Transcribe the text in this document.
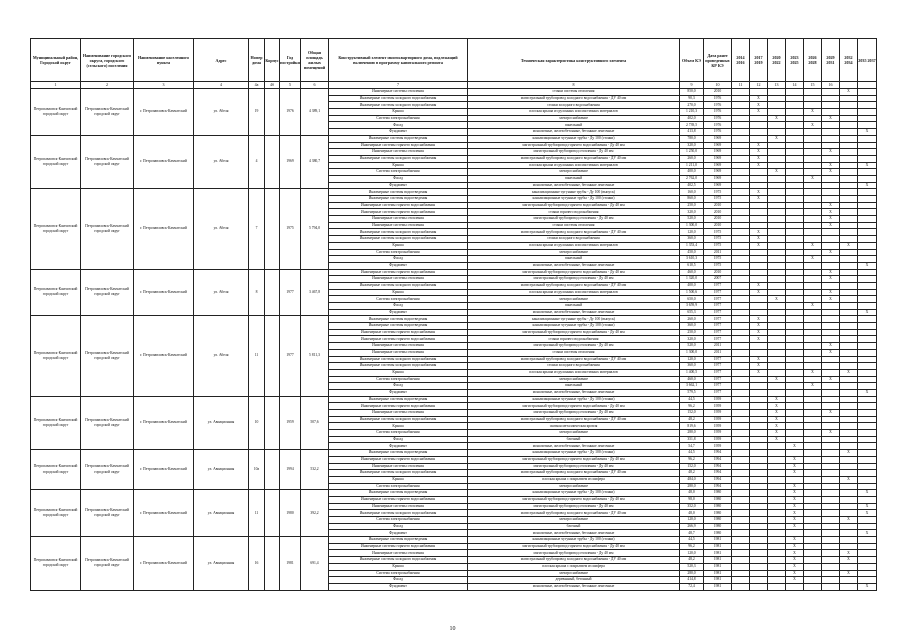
Муниципальный район, Городской округ	Наименование городского округа, городского (сельского) поселения	Наименование населенного пункта	Адрес	Номер дома	Корпус	Год постройки	Общая площадь жилых помещений	Конструктивный элемент многоквартирного дома, подлежащий включению в программу капитального ремонта	Техническая характеристика конструктивного элемента	Объем КЭ	Дата ранее проведенных КР КЭ	2014 2016	2017 2019	2020 2022	2023 2025	2026 2028	2029 2031	2032 2034	2035 2037
1	2	3	4	4а	4б	5	6	7	8	9	10	11	12	13	14	15	16		
Петропавловск-Камчатский городской округ	Петропавловск-Камчатский городской округ	г. Петропавловск-Камчатский	ул. Абеля	19		1976	4 389,1	Инженерные системы отопления	стояки системы отопления	850,0	2010							X	
								Инженерные системы холодного водоснабжения	магистральный трубопровод холодного водоснабжения - ДУ 40 мм	90,3	1976		X						
								Инженерные системы холодного водоснабжения	стояки холодного водоснабжения	270,0	1976		X						
								Крыша	плоская крыша из рулонных или мастичных материалов	1 210,3	1976		X			X			
								Система электроснабжения	электроснабжение	402,0	1976			X			X		
								Фасад	панельный	2 739,5	1976					X			
								Фундамент	монолитные, железобетонные, бетонные ленточные	413,8	1976								X
Петропавловск-Камчатский городской округ	Петропавловск-Камчатский городской округ	г. Петропавловск-Камчатский	ул. Абеля	4		1969	4 380,7	Инженерные системы водоотведения	канализационные чугунные трубы - Ду 100 (стояки)	780,0	1969			X					
								Инженерные системы горячего водоснабжения	магистральный трубопровод горячего водоснабжения - Ду 40 мм	320,0	1969		X						
								Инженерные системы отопления	магистральный трубопровод отопления - Ду 40 мм	1 250,0	1969		X				X		
								Инженерные системы холодного водоснабжения	магистральный трубопровод холодного водоснабжения - ДУ 40 мм	260,0	1969		X						
								Крыша	плоская крыша из рулонных или мастичных материалов	1 211,0	1969		X				X		X
								Система электроснабжения	электроснабжение	400,0	1969			X			X		
								Фасад	панельный	2 762,0	1969					X			
								Фундамент	монолитные, железобетонные, бетонные ленточные	402,5	1969								X
Петропавловск-Камчатский городской округ	Петропавловск-Камчатский городской округ	г. Петропавловск-Камчатский	ул. Абеля	7		1975	5 794,0	Инженерные системы водоотведения	канализационные чугунные трубы - Ду 100 (выпуск)	160,0	1975		X						
								Инженерные системы водоотведения	канализационные чугунные трубы - Ду 100 (стояки)	860,0	1975		X						
								Инженерные системы горячего водоснабжения	магистральный трубопровод горячего водоснабжения - Ду 40 мм	250,0	2010						X		
								Инженерные системы горячего водоснабжения	стояки горячего водоснабжения	320,0	2010						X		
								Инженерные системы отопления	магистральный трубопровод отопления - Ду 40 мм	520,0	2010						X		
								Инженерные системы отопления	стояки системы отопления	1 300,0	2010						X		
								Инженерные системы холодного водоснабжения	магистральный трубопровод холодного водоснабжения - ДУ 40 мм	120,0	1975		X						
								Инженерные системы холодного водоснабжения	стояки холодного водоснабжения	360,0	1975		X						
								Крыша	плоская крыша из рулонных или мастичных материалов	1 353,4	1975		X			X		X	
								Система электроснабжения	электроснабжение	450,0	2011						X		
								Фасад	панельный	3 610,3	1975					X			
								Фундамент	монолитные, железобетонные, бетонные ленточные	610,5	1975								X
Петропавловск-Камчатский городской округ	Петропавловск-Камчатский городской округ	г. Петропавловск-Камчатский	ул. Абеля	8		1977	3 467,8	Инженерные системы горячего водоснабжения	магистральный трубопровод горячего водоснабжения - Ду 40 мм	460,0	2010						X		
								Инженерные системы отопления	магистральный трубопровод отопления - Ду 40 мм	1 320,0	2007						X		
								Инженерные системы холодного водоснабжения	магистральный трубопровод холодного водоснабжения - ДУ 40 мм	400,0	1977		X						
								Крыша	плоская крыша из рулонных или мастичных материалов	1 500,6	1977		X				X		
								Система электроснабжения	электроснабжение	650,0	1977			X			X		
								Фасад	панельный	3 659,9	1977					X			
								Фундамент	монолитные, железобетонные, бетонные ленточные	655,3	1977								X
Петропавловск-Камчатский городской округ	Петропавловск-Камчатский городской округ	г. Петропавловск-Камчатский	ул. Абеля	11		1977	5 811,3	Инженерные системы водоотведения	канализационные чугунные трубы - Ду 100 (выпуск)	260,0	1977		X						
								Инженерные системы водоотведения	канализационные чугунные трубы - Ду 100 (стояки)	360,0	1977		X						
								Инженерные системы горячего водоснабжения	магистральный трубопровод горячего водоснабжения - Ду 40 мм	250,0	1977		X						
								Инженерные системы горячего водоснабжения	стояки горячего водоснабжения	320,0	1977		X						
								Инженерные системы отопления	магистральный трубопровод отопления - Ду 40 мм	520,0	2011						X		
								Инженерные системы отопления	стояки системы отопления	1 300,0	2011						X		
								Инженерные системы холодного водоснабжения	магистральный трубопровод холодного водоснабжения - ДУ 40 мм	120,0	1977		X						
								Инженерные системы холодного водоснабжения	стояки холодного водоснабжения	360,0	1977		X						
								Крыша	плоская крыша из рулонных или мастичных материалов	1 400,5	1977		X			X		X	
								Система электроснабжения	электроснабжение	460,0	1977			X			X		
								Фасад	панельный	3 662,1	1977					X			
								Фундамент	монолитные, железобетонные, бетонные ленточные	579,5	1977								X
Петропавловск-Камчатский городской округ	Петропавловск-Камчатский городской округ	г. Петропавловск-Камчатский	ул. Авиационная	10		1959	507,6	Инженерные системы водоотведения	канализационные чугунные трубы - Ду 100 (стояки)	44,5	1959			X					
								Инженерные системы горячего водоснабжения	магистральный трубопровод горячего водоснабжения - Ду 40 мм	96,2	1959			X					
								Инженерные системы отопления	магистральный трубопровод отопления - Ду 40 мм	152,0	1959			X			X		
								Инженерные системы холодного водоснабжения	магистральный трубопровод холодного водоснабжения - ДУ 40 мм	48,2	1959			X					
								Крыша	скатная металлическая кровля	819,6	1959			X					
								Система электроснабжения	электроснабжение	280,0	1959			X			X		
								Фасад	блочный	351,8	1959			X					
								Фундамент	монолитные, железобетонные, бетонные ленточные	54,7	1959				X				
Петропавловск-Камчатский городской округ	Петропавловск-Камчатский городской округ	г. Петропавловск-Камчатский	ул. Авиационная	10а		1994	532,2	Инженерные системы водоотведения	канализационные чугунные трубы - Ду 100 (стояки)	44,5	1994							X	
								Инженерные системы горячего водоснабжения	магистральный трубопровод горячего водоснабжения - Ду 40 мм	96,2	1994				X				
								Инженерные системы отопления	магистральный трубопровод отопления - Ду 40 мм	152,0	1994				X				
								Инженерные системы холодного водоснабжения	магистральный трубопровод холодного водоснабжения - ДУ 40 мм	48,2	1994				X				
								Крыша	плоская крыша с покрытием из шифера	484,0	1994							X	
								Система электроснабжения	электроснабжение	280,0	1994				X				
Петропавловск-Камчатский городской округ	Петропавловск-Камчатский городской округ	г. Петропавловск-Камчатский	ул. Авиационная	11		1980	392,2	Инженерные системы водоотведения	канализационные чугунные трубы - Ду 100 (стояки)	48,0	1980				X				X
								Инженерные системы горячего водоснабжения	магистральный трубопровод горячего водоснабжения - Ду 40 мм	98,0	1980				X				
								Инженерные системы отопления	магистральный трубопровод отопления - Ду 40 мм	352,0	1980				X				X
								Инженерные системы холодного водоснабжения	магистральный трубопровод холодного водоснабжения - ДУ 40 мм	48,0	1980				X				X
								Система электроснабжения	электроснабжение	120,0	1980				X			X	
								Фасад	блочный	266,9	1980				X				
								Фундамент	монолитные, железобетонные, бетонные ленточные	48,7	1980								X
Петропавловск-Камчатский городской округ	Петропавловск-Камчатский городской округ	г. Петропавловск-Камчатский	ул. Авиационная	16		1981	691,4	Инженерные системы водоотведения	канализационные чугунные трубы - Ду 100 (стояки)	44,5	1981				X				
								Инженерные системы горячего водоснабжения	магистральный трубопровод горячего водоснабжения - Ду 40 мм	96,2	1981				X				
								Инженерные системы отопления	магистральный трубопровод отопления - Ду 40 мм	120,0	1981				X			X	
								Инженерные системы холодного водоснабжения	магистральный трубопровод холодного водоснабжения - ДУ 40 мм	48,2	1981				X			X	
								Крыша	плоская крыша с покрытием из шифера	520,3	1981				X				
								Система электроснабжения	электроснабжение	280,0	1981				X			X	
								Фасад	деревянный, бетонный	414,8	1981				X				
								Фундамент	монолитные, железобетонные, бетонные ленточные	72,4	1981								X
10
